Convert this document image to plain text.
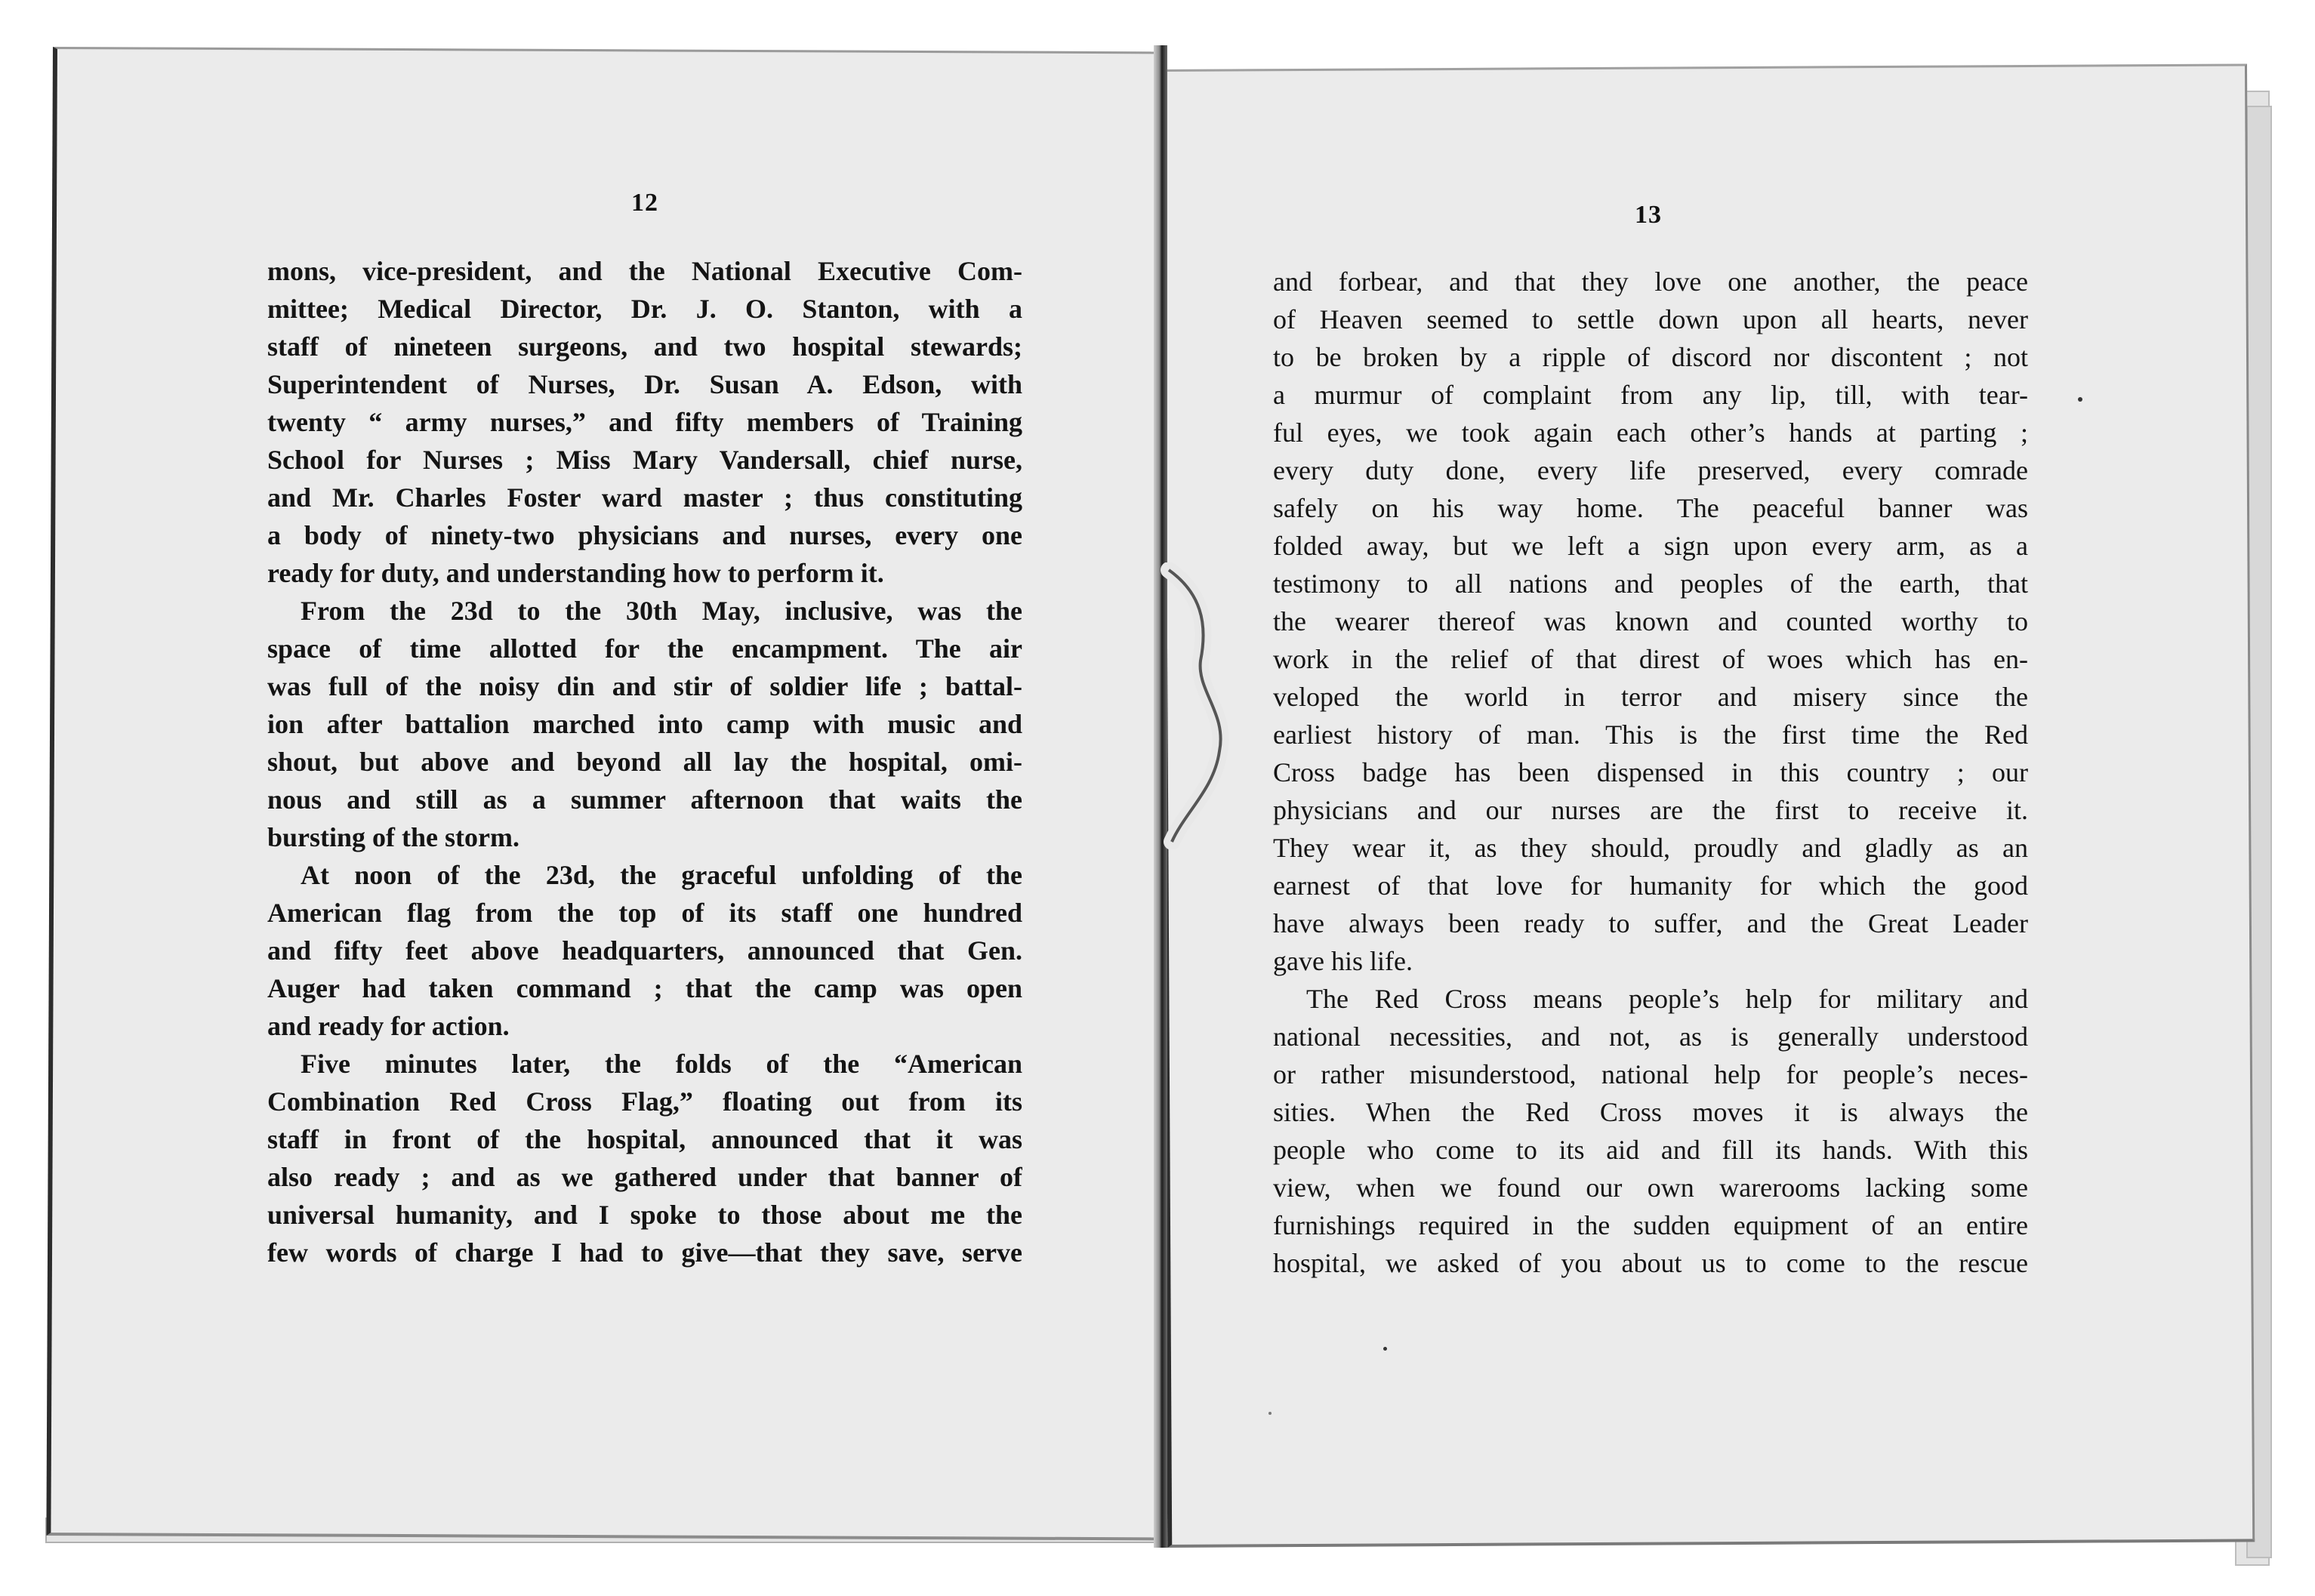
12	13
mons, vice-president, and the National Executive Com-
mittee; Medical Director, Dr. J. O. Stanton, with a
staff of nineteen surgeons, and two hospital stewards;
Superintendent of Nurses, Dr. Susan A. Edson, with
twenty “ army nurses,” and fifty members of Training
School for Nurses ; Miss Mary Vandersall, chief nurse,
and Mr. Charles Foster ward master ; thus constituting
a body of ninety-two physicians and nurses, every one
ready for duty, and understanding how to perform it.
From the 23d to the 30th May, inclusive, was the
space of time allotted for the encampment. The air
was full of the noisy din and stir of soldier life ; battal-
ion after battalion marched into camp with music and
shout, but above and beyond all lay the hospital, omi-
nous and still as a summer afternoon that waits the
bursting of the storm.
At noon of the 23d, the graceful unfolding of the
American flag from the top of its staff one hundred
and fifty feet above headquarters, announced that Gen.
Auger had taken command ; that the camp was open
and ready for action.
Five minutes later, the folds of the “American
Combination Red Cross Flag,” floating out from its
staff in front of the hospital, announced that it was
also ready ; and as we gathered under that banner of
universal humanity, and I spoke to those about me the
few words of charge I had to give—that they save, serve
and forbear, and that they love one another, the peace
of Heaven seemed to settle down upon all hearts, never
to be broken by a ripple of discord nor discontent ; not
a murmur of complaint from any lip, till, with tear-
ful eyes, we took again each other’s hands at parting ;
every duty done, every life preserved, every comrade
safely on his way home. The peaceful banner was
folded away, but we left a sign upon every arm, as a
testimony to all nations and peoples of the earth, that
the wearer thereof was known and counted worthy to
work in the relief of that direst of woes which has en-
veloped the world in terror and misery since the
earliest history of man. This is the first time the Red
Cross badge has been dispensed in this country ; our
physicians and our nurses are the first to receive it.
They wear it, as they should, proudly and gladly as an
earnest of that love for humanity for which the good
have always been ready to suffer, and the Great Leader
gave his life.
The Red Cross means people’s help for military and
national necessities, and not, as is generally understood
or rather misunderstood, national help for people’s neces-
sities. When the Red Cross moves it is always the
people who come to its aid and fill its hands. With this
view, when we found our own warerooms lacking some
furnishings required in the sudden equipment of an entire
hospital, we asked of you about us to come to the rescue
